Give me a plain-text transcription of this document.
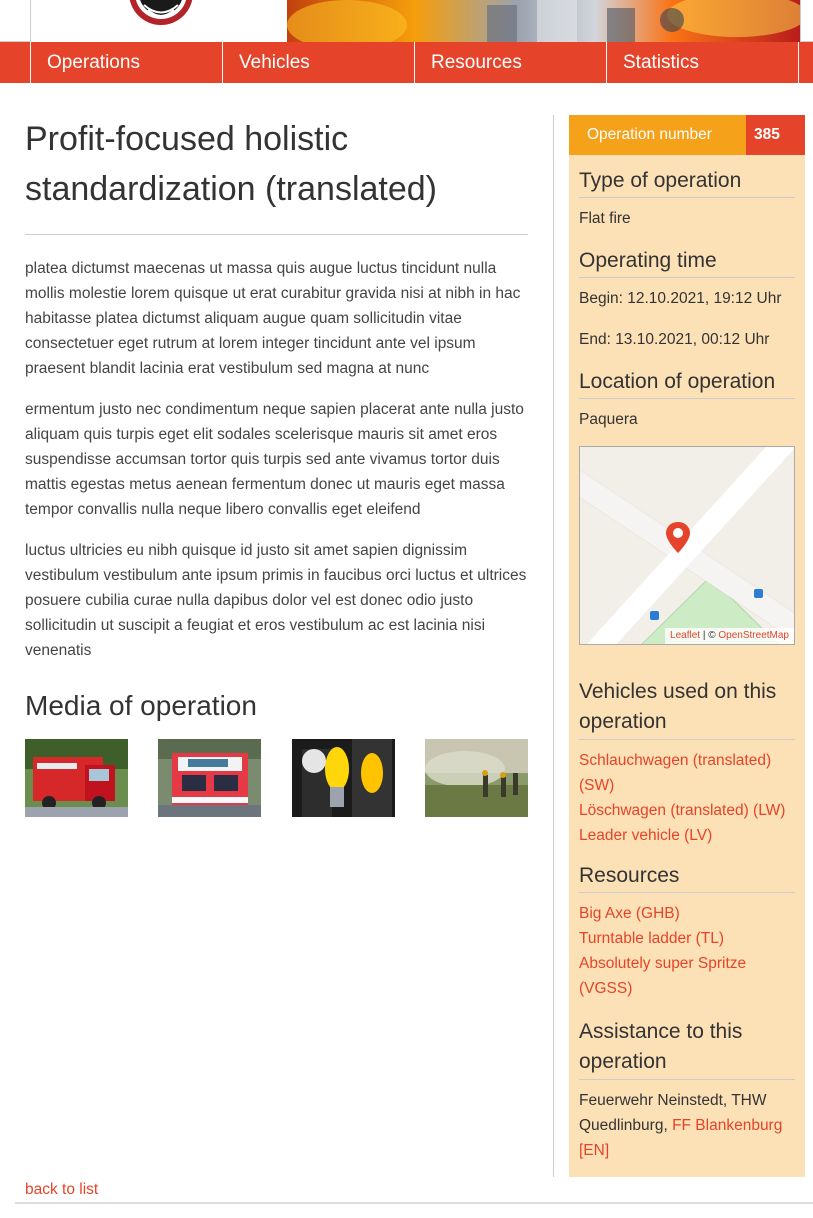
Operations	Vehicles	Resources	Statistics
Profit-focused holistic standardization (translated)

platea dictumst maecenas ut massa quis augue luctus tincidunt nulla mollis molestie lorem quisque ut erat curabitur gravida nisi at nibh in hac habitasse platea dictumst aliquam augue quam sollicitudin vitae consectetuer eget rutrum at lorem integer tincidunt ante vel ipsum praesent blandit lacinia erat vestibulum sed magna at nunc

ermentum justo nec condimentum neque sapien placerat ante nulla justo aliquam quis turpis eget elit sodales scelerisque mauris sit amet eros suspendisse accumsan tortor quis turpis sed ante vivamus tortor duis mattis egestas metus aenean fermentum donec ut mauris eget massa tempor convallis nulla neque libero convallis eget eleifend

luctus ultricies eu nibh quisque id justo sit amet sapien dignissim vestibulum vestibulum ante ipsum primis in faucibus orci luctus et ultrices posuere cubilia curae nulla dapibus dolor vel est donec odio justo sollicitudin ut suscipit a feugiat et eros vestibulum ac est lacinia nisi venenatis

Media of operation
Operation number	385
Type of operation

Flat fire

Operating time

Begin: 12.10.2021, 19:12 Uhr

End: 13.10.2021, 00:12 Uhr

Location of operation

Paquera

Leaflet | © OpenStreetMap
Vehicles used on this operation
Schlauchwagen (translated) (SW)
Löschwagen (translated) (LW)
Leader vehicle (LV)
Resources
Big Axe (GHB)
Turntable ladder (TL)
Absolutely super Spritze (VGSS)
Assistance to this operation

Feuerwehr Neinstedt, THW Quedlinburg, FF Blankenburg [EN]

back to list
